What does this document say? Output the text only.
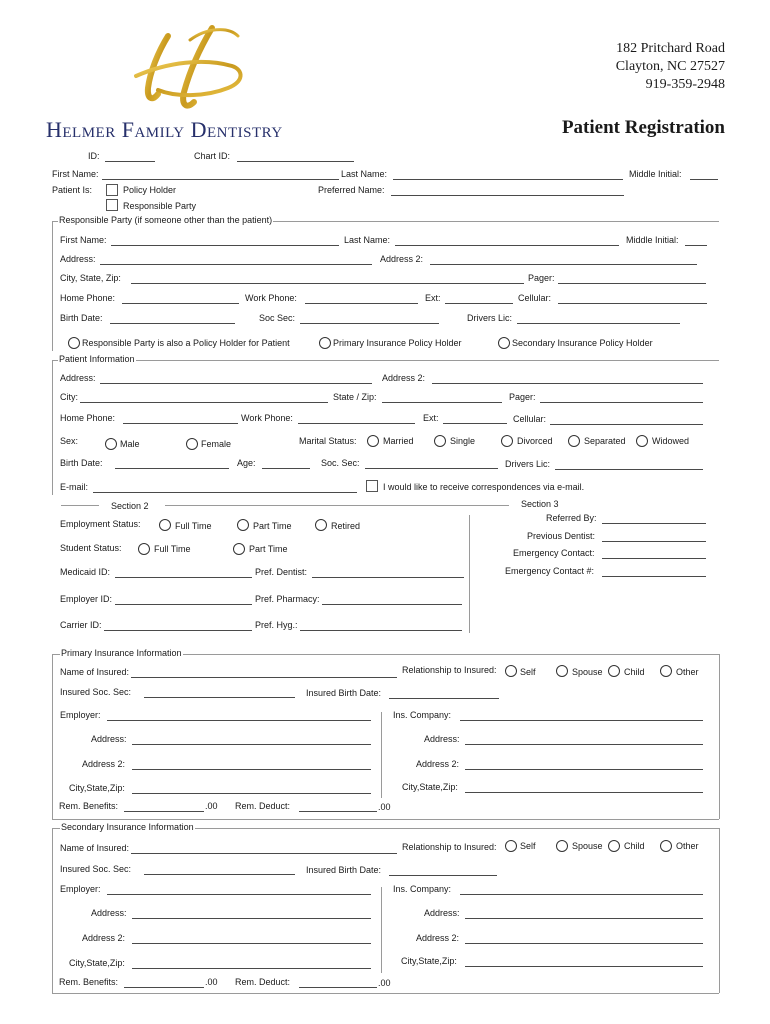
Helmer Family Dentistry
182 Pritchard Road
Clayton, NC 27527
919-359-2948
Patient Registration
ID:	Chart ID:
First Name:	Last Name:	Middle Initial:
Patient Is:	Policy Holder
Responsible Party
Preferred Name:
Responsible Party (if someone other than the patient)
First Name:	Last Name:	Middle Initial:
Address:	Address 2:
City, State, Zip:	Pager:
Home Phone:	Work Phone:	Ext:	Cellular:
Birth Date:	Soc Sec:	Drivers Lic:
Responsible Party is also a Policy Holder for Patient	Primary Insurance Policy Holder	Secondary Insurance Policy Holder
Patient Information
Address:	Address 2:
City:	State / Zip:	Pager:
Home Phone:	Work Phone:	Ext:	Cellular:
Sex:	Male	Female	Marital Status:	Married	Single	Divorced	Separated	Widowed
Birth Date:	Age:	Soc. Sec:	Drivers Lic:
E-mail:	I would like to receive correspondences via e-mail.
Section 2	Section 3
Employment Status:	Full Time	Part Time	Retired
Student Status:	Full Time	Part Time
Medicaid ID:	Pref. Dentist:
Employer ID:	Pref. Pharmacy:
Carrier ID:	Pref. Hyg.:
Referred By:
Previous Dentist:
Emergency Contact:
Emergency Contact #:
Primary Insurance Information
Name of Insured:	Relationship to Insured:	Self	Spouse Child	Other
Insured Soc. Sec:	Insured Birth Date:
Employer:	Ins. Company:
Address:	Address:
Address 2:	Address 2:
City,State,Zip:	City,State,Zip:
Rem. Benefits:	.00 Rem. Deduct:	.00
Secondary Insurance Information
Name of Insured:	Relationship to Insured:	Self	Spouse Child	Other
Insured Soc. Sec:	Insured Birth Date:
Employer:	Ins. Company:
Address:	Address:
Address 2:	Address 2:
City,State,Zip:	City,State,Zip:
Rem. Benefits:	.00 Rem. Deduct:	.00
